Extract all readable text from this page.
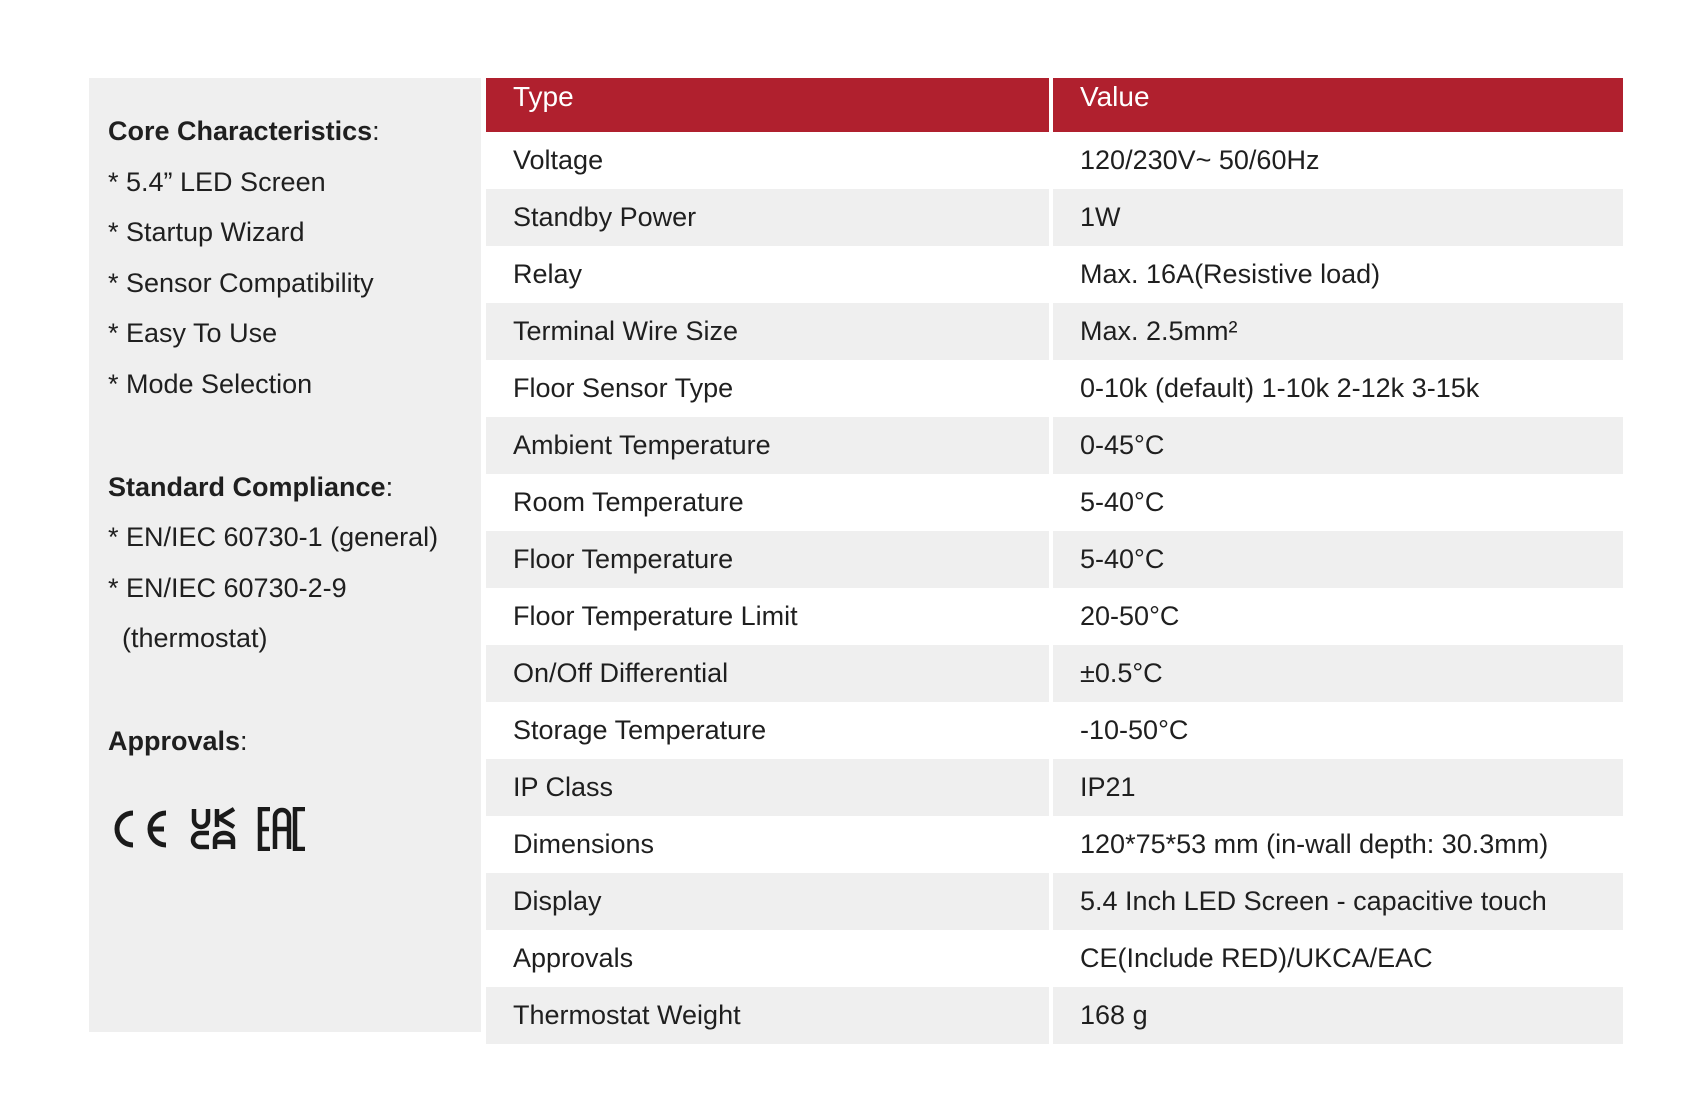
Core Characteristics:
* 5.4” LED Screen
* Startup Wizard
* Sensor Compatibility
* Easy To Use
* Mode Selection
Standard Compliance:
* EN/IEC 60730-1 (general)
* EN/IEC 60730-2-9
(thermostat)
Approvals:
Type	Value
Voltage	120/230V~ 50/60Hz
Standby Power	1W
Relay	Max. 16A(Resistive load)
Terminal Wire Size	Max. 2.5mm²
Floor Sensor Type	0-10k (default) 1-10k 2-12k 3-15k
Ambient Temperature	0-45°C
Room Temperature	5-40°C
Floor Temperature	5-40°C
Floor Temperature Limit	20-50°C
On/Off Differential	±0.5°C
Storage Temperature	-10-50°C
IP Class	IP21
Dimensions	120*75*53 mm (in-wall depth: 30.3mm)
Display	5.4 Inch LED Screen - capacitive touch
Approvals	CE(Include RED)/UKCA/EAC
Thermostat Weight	168 g
